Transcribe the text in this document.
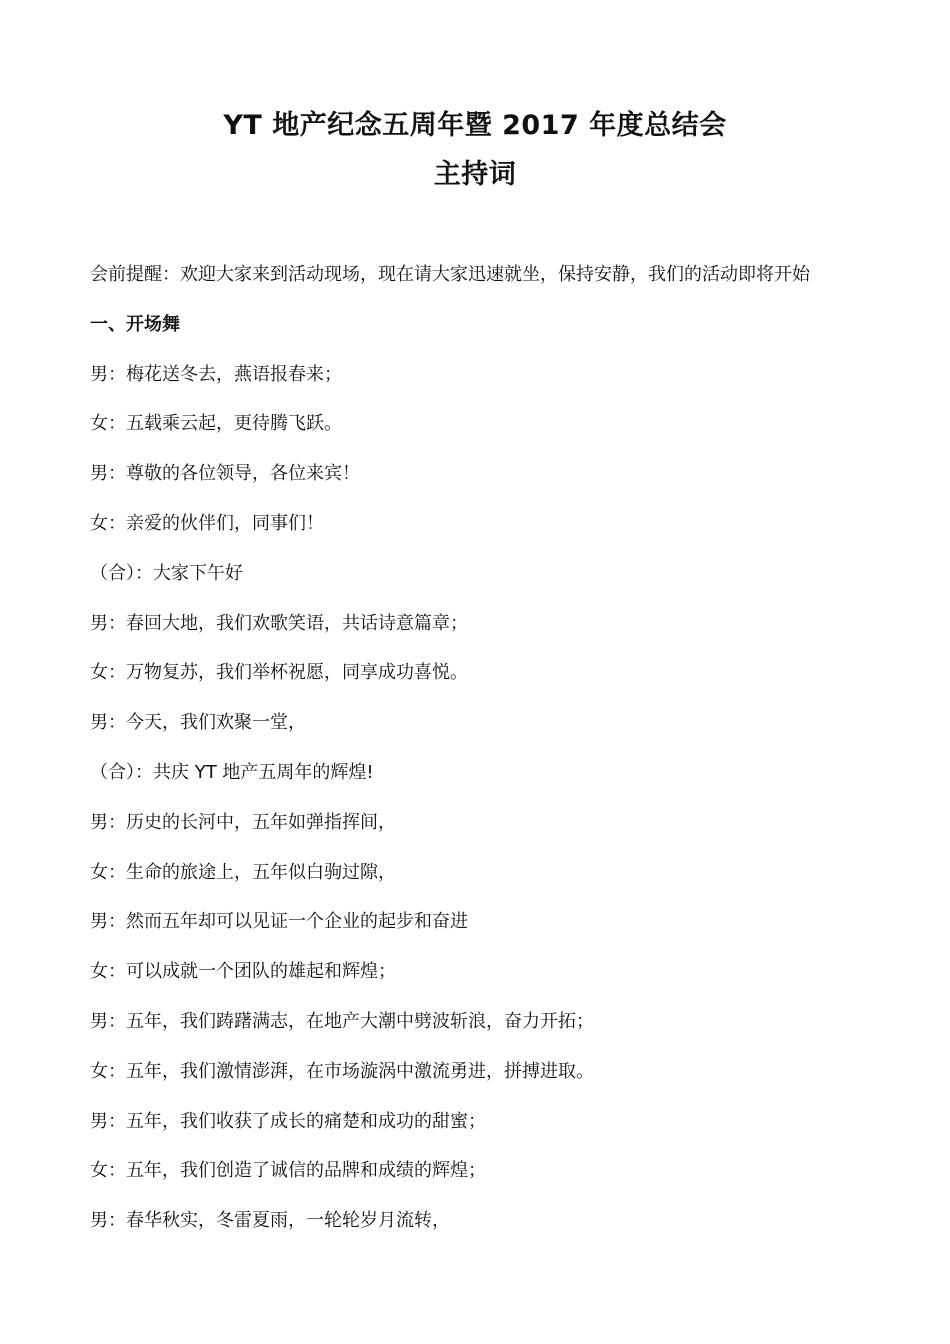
YT 地产纪念五周年暨 2017 年度总结会
主持词
会前提醒：欢迎大家来到活动现场，现在请大家迅速就坐，保持安静，我们的活动即将开始
一、开场舞
男：梅花送冬去，燕语报春来；
女：五载乘云起，更待腾飞跃。
男：尊敬的各位领导，各位来宾！
女：亲爱的伙伴们，同事们！
（合）：大家下午好
男：春回大地，我们欢歌笑语，共话诗意篇章；
女：万物复苏，我们举杯祝愿，同享成功喜悦。
男：今天，我们欢聚一堂，
（合）：共庆 YT 地产五周年的辉煌!
男：历史的长河中，五年如弹指挥间，
女：生命的旅途上，五年似白驹过隙，
男：然而五年却可以见证一个企业的起步和奋进
女：可以成就一个团队的雄起和辉煌；
男：五年，我们踌躇满志，在地产大潮中劈波斩浪，奋力开拓；
女：五年，我们激情澎湃，在市场漩涡中激流勇进，拼搏进取。
男：五年，我们收获了成长的痛楚和成功的甜蜜；
女：五年，我们创造了诚信的品牌和成绩的辉煌；
男：春华秋实，冬雷夏雨，一轮轮岁月流转，
